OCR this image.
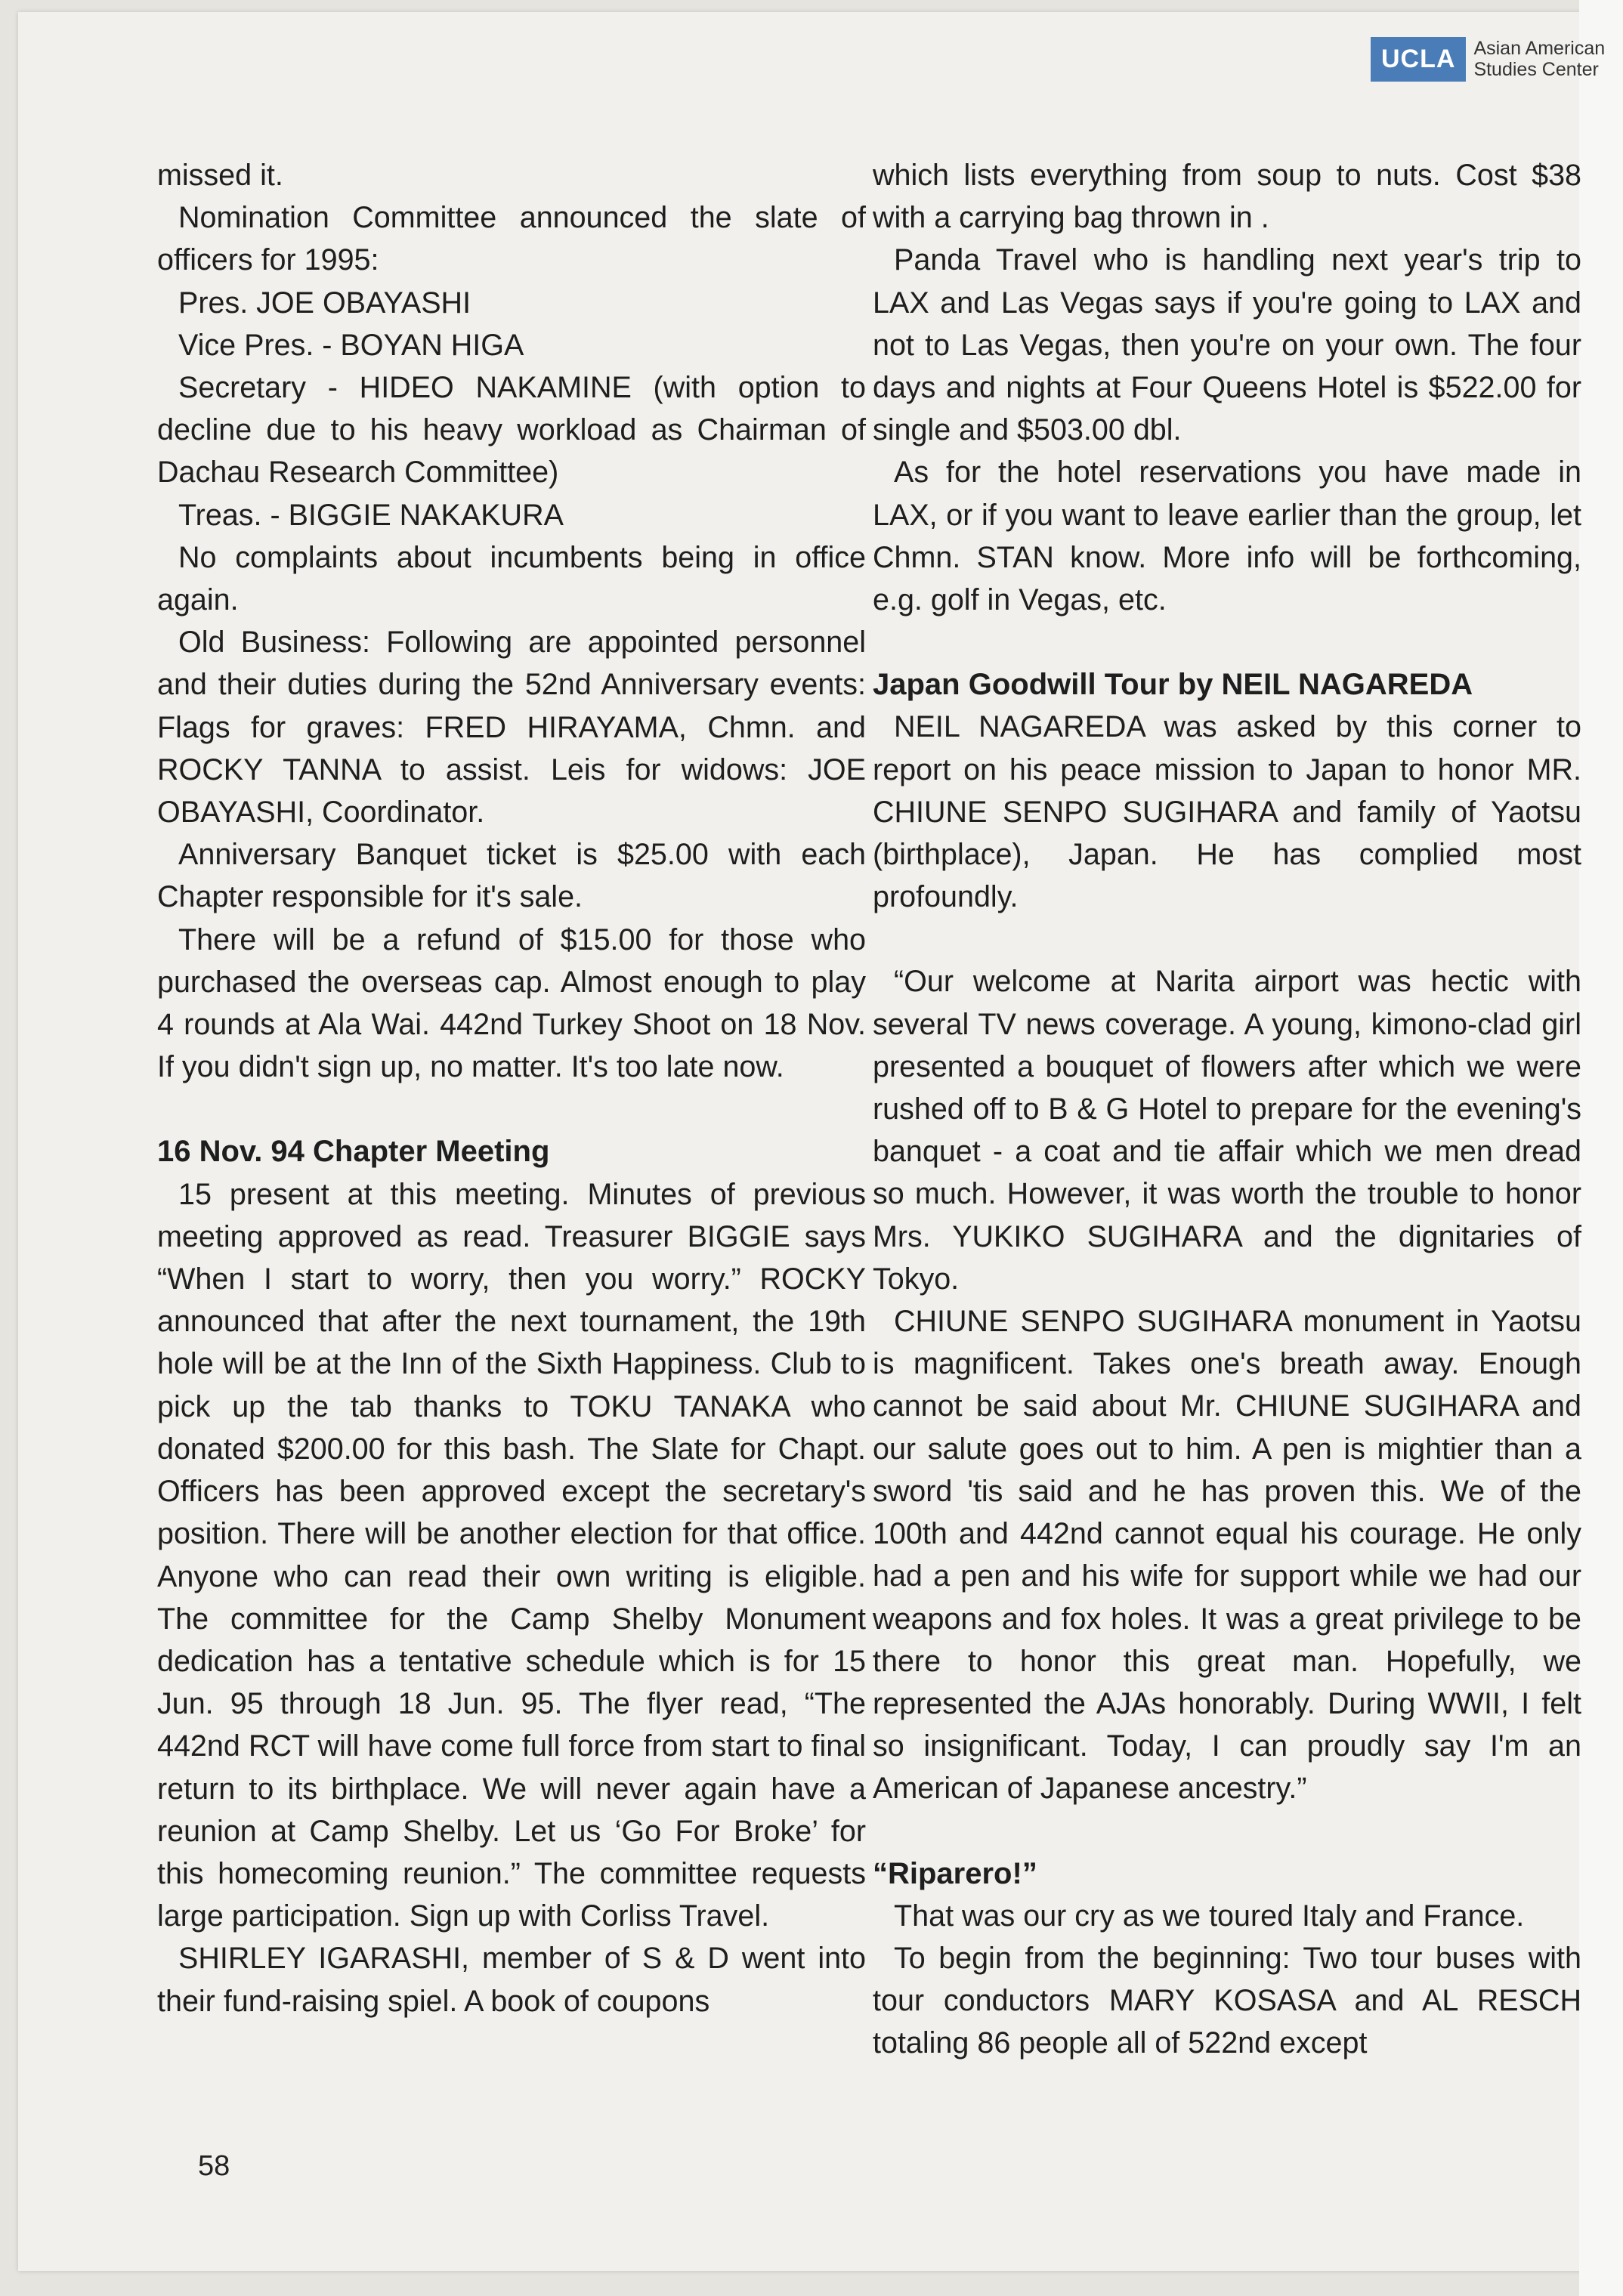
UCLA Asian American
Studies Center

missed it.

Nomination Committee announced the slate of officers for 1995:

Pres. JOE OBAYASHI

Vice Pres. - BOYAN HIGA

Secretary - HIDEO NAKAMINE (with option to decline due to his heavy workload as Chairman of Dachau Research Committee)

Treas. - BIGGIE NAKAKURA

No complaints about incumbents being in office again.

Old Business: Following are appointed personnel and their duties during the 52nd Anniversary events: Flags for graves: FRED HIRAYAMA, Chmn. and ROCKY TANNA to assist. Leis for widows: JOE OBAYASHI, Coordinator.

Anniversary Banquet ticket is $25.00 with each Chapter responsible for it's sale.

There will be a refund of $15.00 for those who purchased the overseas cap. Almost enough to play 4 rounds at Ala Wai. 442nd Turkey Shoot on 18 Nov. If you didn't sign up, no matter. It's too late now.

16 Nov. 94 Chapter Meeting

15 present at this meeting. Minutes of previous meeting approved as read. Treasurer BIGGIE says “When I start to worry, then you worry.” ROCKY announced that after the next tournament, the 19th hole will be at the Inn of the Sixth Happiness. Club to pick up the tab thanks to TOKU TANAKA who donated $200.00 for this bash. The Slate for Chapt. Officers has been approved except the secretary's position. There will be another election for that office. Anyone who can read their own writing is eligible. The committee for the Camp Shelby Monument dedication has a tentative schedule which is for 15 Jun. 95 through 18 Jun. 95. The flyer read, “The 442nd RCT will have come full force from start to final return to its birthplace. We will never again have a reunion at Camp Shelby. Let us ‘Go For Broke’ for this homecoming reunion.” The committee requests large participation. Sign up with Corliss Travel.

SHIRLEY IGARASHI, member of S & D went into their fund-raising spiel. A book of coupons

which lists everything from soup to nuts. Cost $38 with a carrying bag thrown in .

Panda Travel who is handling next year's trip to LAX and Las Vegas says if you're going to LAX and not to Las Vegas, then you're on your own. The four days and nights at Four Queens Hotel is $522.00 for single and $503.00 dbl.

As for the hotel reservations you have made in LAX, or if you want to leave earlier than the group, let Chmn. STAN know. More info will be forthcoming, e.g. golf in Vegas, etc.

Japan Goodwill Tour by NEIL NAGAREDA

NEIL NAGAREDA was asked by this corner to report on his peace mission to Japan to honor MR. CHIUNE SENPO SUGIHARA and family of Yaotsu (birthplace), Japan. He has complied most profoundly.

“Our welcome at Narita airport was hectic with several TV news coverage. A young, kimono-clad girl presented a bouquet of flowers after which we were rushed off to B & G Hotel to prepare for the evening's banquet - a coat and tie affair which we men dread so much. However, it was worth the trouble to honor Mrs. YUKIKO SUGIHARA and the dignitaries of Tokyo.

CHIUNE SENPO SUGIHARA monument in Yaotsu is magnificent. Takes one's breath away. Enough cannot be said about Mr. CHIUNE SUGIHARA and our salute goes out to him. A pen is mightier than a sword 'tis said and he has proven this. We of the 100th and 442nd cannot equal his courage. He only had a pen and his wife for support while we had our weapons and fox holes. It was a great privilege to be there to honor this great man. Hopefully, we represented the AJAs honorably. During WWII, I felt so insignificant. Today, I can proudly say I'm an American of Japanese ancestry.”

“Riparero!”

That was our cry as we toured Italy and France.

To begin from the beginning: Two tour buses with tour conductors MARY KOSASA and AL RESCH totaling 86 people all of 522nd except

58
